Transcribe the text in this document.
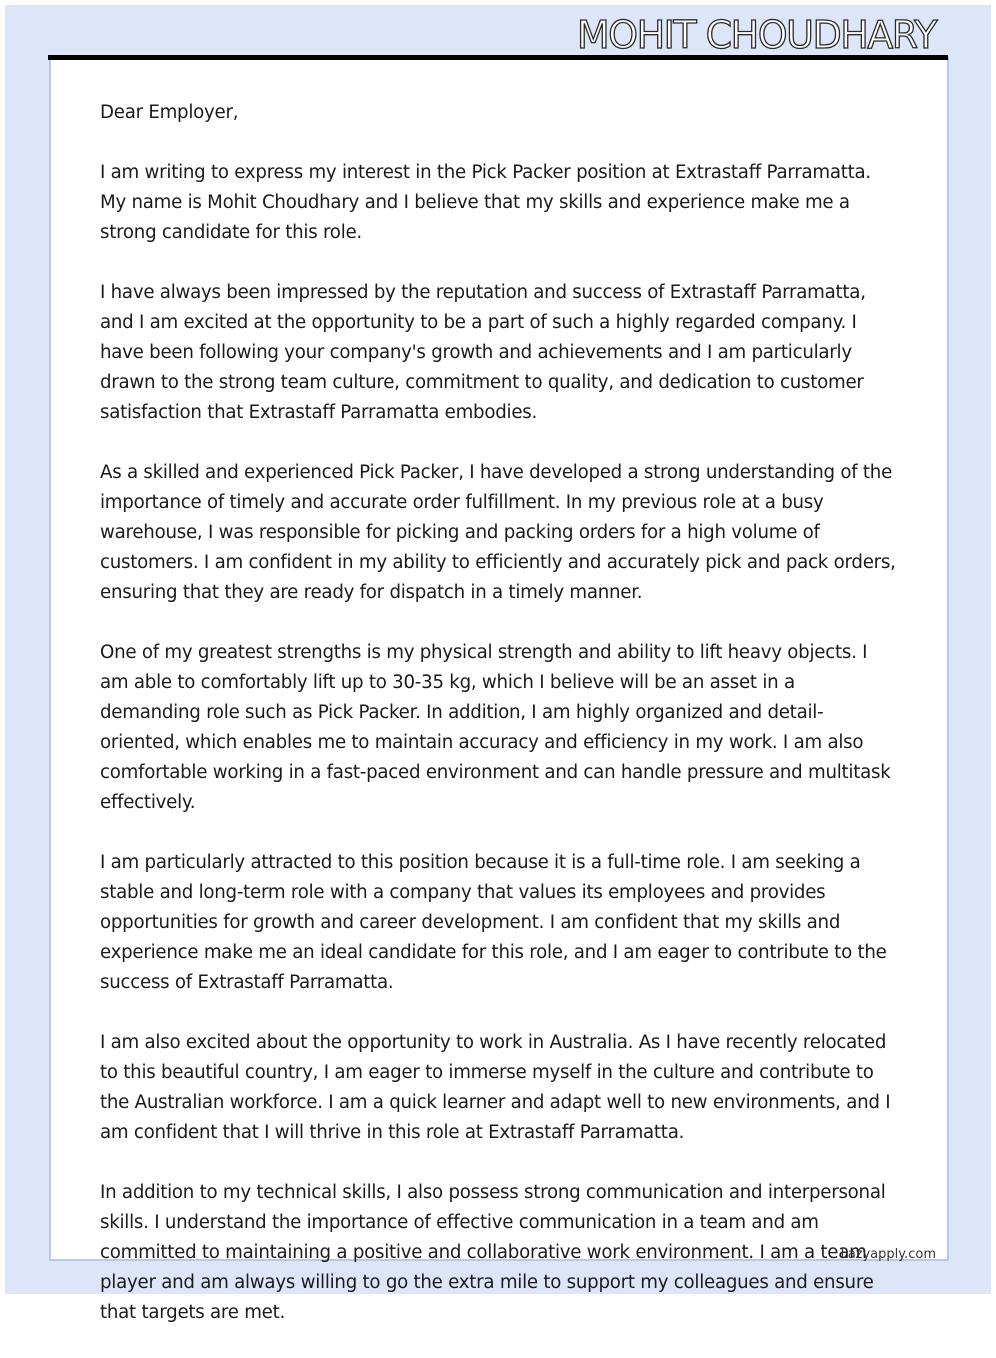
MOHIT CHOUDHARY

Dear Employer,

I am writing to express my interest in the Pick Packer position at Extrastaff Parramatta. My name is Mohit Choudhary and I believe that my skills and experience make me a strong candidate for this role.

I have always been impressed by the reputation and success of Extrastaff Parramatta, and I am excited at the opportunity to be a part of such a highly regarded company. I have been following your company's growth and achievements and I am particularly drawn to the strong team culture, commitment to quality, and dedication to customer satisfaction that Extrastaff Parramatta embodies.

As a skilled and experienced Pick Packer, I have developed a strong understanding of the importance of timely and accurate order fulfillment. In my previous role at a busy warehouse, I was responsible for picking and packing orders for a high volume of customers. I am confident in my ability to efficiently and accurately pick and pack orders, ensuring that they are ready for dispatch in a timely manner.

One of my greatest strengths is my physical strength and ability to lift heavy objects. I am able to comfortably lift up to 30-35 kg, which I believe will be an asset in a demanding role such as Pick Packer. In addition, I am highly organized and detail-oriented, which enables me to maintain accuracy and efficiency in my work. I am also comfortable working in a fast-paced environment and can handle pressure and multitask effectively.

I am particularly attracted to this position because it is a full-time role. I am seeking a stable and long-term role with a company that values its employees and provides opportunities for growth and career development. I am confident that my skills and experience make me an ideal candidate for this role, and I am eager to contribute to the success of Extrastaff Parramatta.

I am also excited about the opportunity to work in Australia. As I have recently relocated to this beautiful country, I am eager to immerse myself in the culture and contribute to the Australian workforce. I am a quick learner and adapt well to new environments, and I am confident that I will thrive in this role at Extrastaff Parramatta.

In addition to my technical skills, I also possess strong communication and interpersonal skills. I understand the importance of effective communication in a team and am committed to maintaining a positive and collaborative work environment. I am a team player and am always willing to go the extra mile to support my colleagues and ensure that targets are met.

Lazyapply.com
